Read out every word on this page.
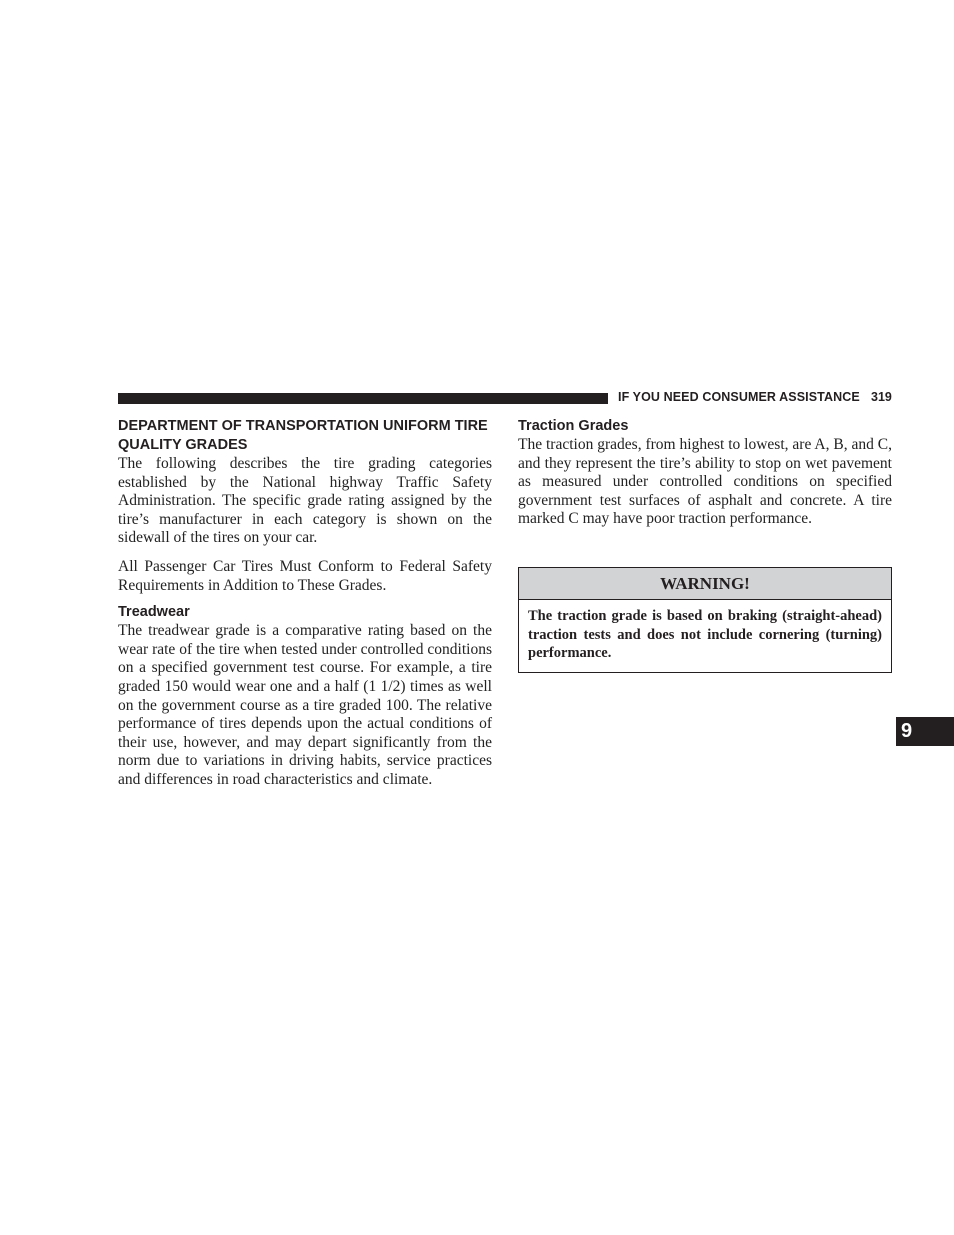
IF YOU NEED CONSUMER ASSISTANCE 319
DEPARTMENT OF TRANSPORTATION UNIFORM TIRE QUALITY GRADES

The following describes the tire grading categories established by the National highway Traffic Safety Administration. The specific grade rating assigned by the tire’s manufacturer in each category is shown on the sidewall of the tires on your car.

All Passenger Car Tires Must Conform to Federal Safety Requirements in Addition to These Grades.

Treadwear

The treadwear grade is a comparative rating based on the wear rate of the tire when tested under controlled conditions on a specified government test course. For example, a tire graded 150 would wear one and a half (1 1/2) times as well on the government course as a tire graded 100. The relative performance of tires depends upon the actual conditions of their use, however, and may depart significantly from the norm due to variations in driving habits, service practices and differences in road characteristics and climate.

Traction Grades

The traction grades, from highest to lowest, are A, B, and C, and they represent the tire’s ability to stop on wet pavement as measured under controlled conditions on specified government test surfaces of asphalt and concrete. A tire marked C may have poor traction performance.

WARNING!
The traction grade is based on braking (straight-ahead) traction tests and does not include cornering (turning) performance.
9
